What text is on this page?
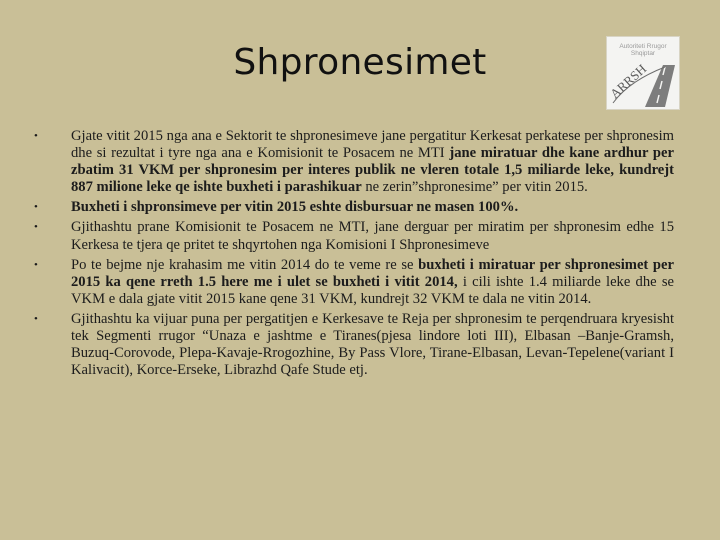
Shpronesimet	Autoriteti Rrugor
Shqiptar
ARRSH
• Gjate vitit 2015 nga ana e Sektorit te shpronesimeve jane pergatitur Kerkesat perkatese per shpronesim dhe si rezultat i tyre nga ana e Komisionit te Posacem ne MTI jane miratuar dhe kane ardhur per zbatim 31 VKM per shpronesim per interes publik ne vleren totale 1,5 miliarde leke, kundrejt 887 milione leke qe ishte buxheti i parashikuar ne zerin”shpronesime” per vitin 2015.
• Buxheti i shpronsimeve per vitin 2015 eshte disbursuar ne masen 100%.
• Gjithashtu prane Komisionit te Posacem ne MTI, jane derguar per miratim per shpronesim edhe 15 Kerkesa te tjera qe pritet te shqyrtohen nga Komisioni I Shpronesimeve
• Po te bejme nje krahasim me vitin 2014 do te veme re se buxheti i miratuar per shpronesimet per 2015 ka qene rreth 1.5 here me i ulet se buxheti i vitit 2014, i cili ishte 1.4 miliarde leke dhe se VKM e dala gjate vitit 2015 kane qene 31 VKM, kundrejt 32 VKM te dala ne vitin 2014.
• Gjithashtu ka vijuar puna per pergatitjen e Kerkesave te Reja per shpronesim te perqendruara kryesisht tek Segmenti rrugor “Unaza e jashtme e Tiranes(pjesa lindore loti III), Elbasan –Banje-Gramsh, Buzuq-Corovode, Plepa-Kavaje-Rrogozhine, By Pass Vlore, Tirane-Elbasan, Levan-Tepelene(variant I Kalivacit), Korce-Erseke, Librazhd Qafe Stude etj.
